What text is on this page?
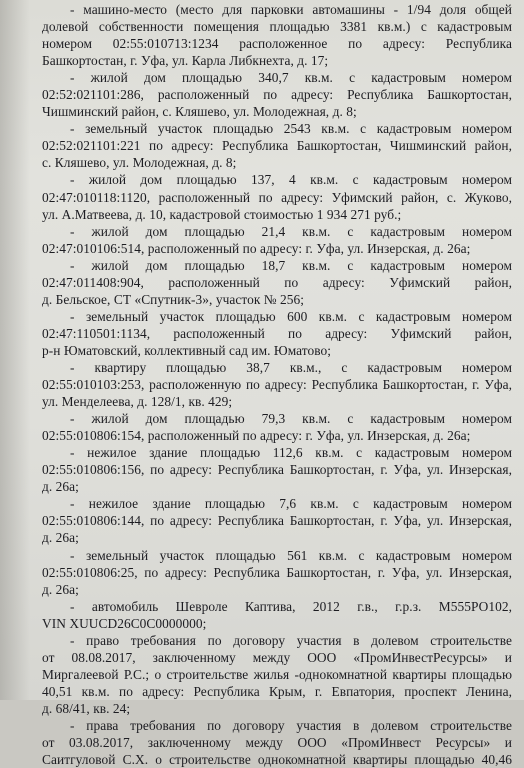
- машино-место (место для парковки автомашины - 1/94 доля общей
долевой собственности помещения площадью 3381 кв.м.) с кадастровым
номером 02:55:010713:1234 расположенное по адресу: Республика
Башкортостан, г. Уфа, ул. Карла Либкнехта, д. 17;
- жилой дом площадью 340,7 кв.м. с кадастровым номером
02:52:021101:286, расположенный по адресу: Республика Башкортостан,
Чишминский район, с. Кляшево, ул. Молодежная, д. 8;
- земельный участок площадью 2543 кв.м. с кадастровым номером
02:52:021101:221 по адресу: Республика Башкортостан, Чишминский район,
с. Кляшево, ул. Молодежная, д. 8;
- жилой дом площадью 137, 4 кв.м. с кадастровым номером
02:47:010118:1120, расположенный по адресу: Уфимский район, с. Жуково,
ул. А.Матвеева, д. 10, кадастровой стоимостью 1 934 271 руб.;
- жилой дом площадью 21,4 кв.м. с кадастровым номером
02:47:010106:514, расположенный по адресу: г. Уфа, ул. Инзерская, д. 26а;
- жилой дом площадью 18,7 кв.м. с кадастровым номером
02:47:011408:904, расположенный по адресу: Уфимский район,
д. Бельское, СТ «Спутник-3», участок № 256;
- земельный участок площадью 600 кв.м. с кадастровым номером
02:47:110501:1134, расположенный по адресу: Уфимский район,
р-н Юматовский, коллективный сад им. Юматово;
- квартиру площадью 38,7 кв.м., с кадастровым номером
02:55:010103:253, расположенную по адресу: Республика Башкортостан, г. Уфа,
ул. Менделеева, д. 128/1, кв. 429;
- жилой дом площадью 79,3 кв.м. с кадастровым номером
02:55:010806:154, расположенный по адресу: г. Уфа, ул. Инзерская, д. 26а;
- нежилое здание площадью 112,6 кв.м. с кадастровым номером
02:55:010806:156, по адресу: Республика Башкортостан, г. Уфа, ул. Инзерская,
д. 26а;
- нежилое здание площадью 7,6 кв.м. с кадастровым номером
02:55:010806:144, по адресу: Республика Башкортостан, г. Уфа, ул. Инзерская,
д. 26а;
- земельный участок площадью 561 кв.м. с кадастровым номером
02:55:010806:25, по адресу: Республика Башкортостан, г. Уфа, ул. Инзерская,
д. 26а;
- автомобиль Шевроле Каптива, 2012 г.в., г.р.з. М555РО102,
VIN XUUCD26C0C0000000;
- право требования по договору участия в долевом строительстве
от 08.08.2017, заключенному между ООО «ПромИнвестРесурсы» и
Миргалеевой Р.С.; о строительстве жилья -однокомнатной квартиры площадью
40,51 кв.м. по адресу: Республика Крым, г. Евпатория, проспект Ленина,
д. 68/41, кв. 24;
- права требования по договору участия в долевом строительстве
от 03.08.2017, заключенному между ООО «ПромИнвест Ресурсы» и
Саитгуловой С.Х. о строительстве однокомнатной квартиры площадью 40,46
